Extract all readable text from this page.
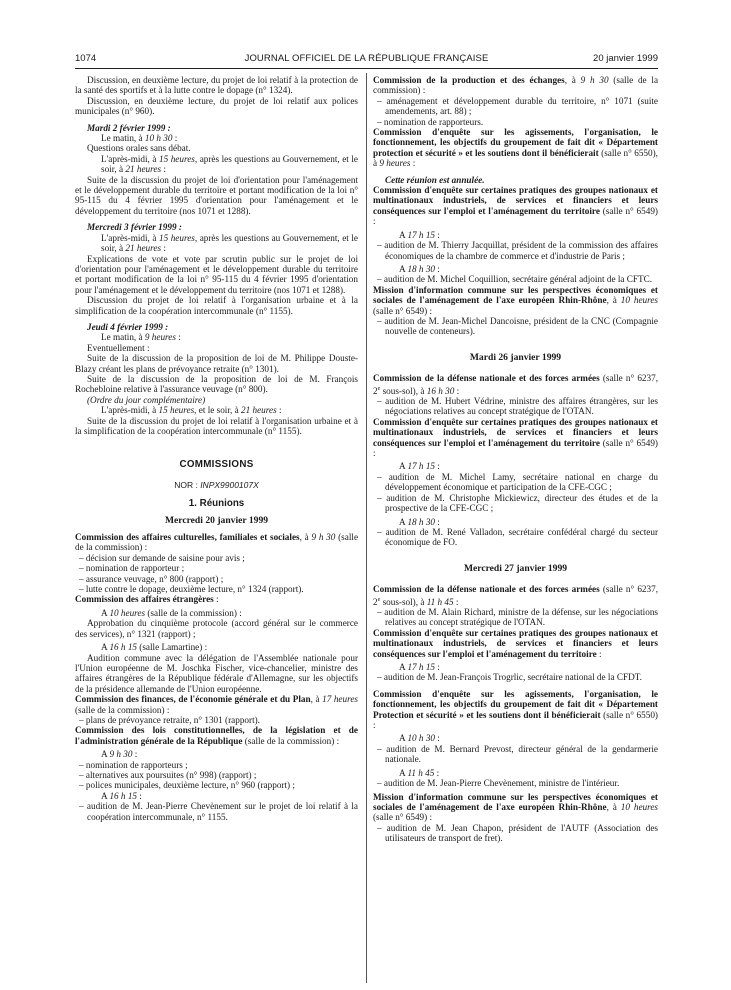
1074	JOURNAL OFFICIEL DE LA RÉPUBLIQUE FRANÇAISE	20 janvier 1999

Discussion, en deuxième lecture, du projet de loi relatif à la protection de la santé des sportifs et à la lutte contre le dopage (n° 1324).

Discussion, en deuxième lecture, du projet de loi relatif aux polices municipales (n° 960).

Mardi 2 février 1999 :

Le matin, à 10 h 30 :

Questions orales sans débat.

L'après-midi, à 15 heures, après les questions au Gouvernement, et le soir, à 21 heures :

Suite de la discussion du projet de loi d'orientation pour l'aménagement et le développement durable du territoire et portant modification de la loi n° 95-115 du 4 février 1995 d'orientation pour l'aménagement et le développement du territoire (nos 1071 et 1288).

Mercredi 3 février 1999 :

L'après-midi, à 15 heures, après les questions au Gouvernement, et le soir, à 21 heures :

Explications de vote et vote par scrutin public sur le projet de loi d'orientation pour l'aménagement et le développement durable du territoire et portant modification de la loi n° 95-115 du 4 février 1995 d'orientation pour l'aménagement et le développement du territoire (nos 1071 et 1288).

Discussion du projet de loi relatif à l'organisation urbaine et à la simplification de la coopération intercommunale (n° 1155).

Jeudi 4 février 1999 :

Le matin, à 9 heures :

Eventuellement :

Suite de la discussion de la proposition de loi de M. Philippe Douste-Blazy créant les plans de prévoyance retraite (n° 1301).

Suite de la discussion de la proposition de loi de M. François Rochebloine relative à l'assurance veuvage (n° 800).

(Ordre du jour complémentaire)

L'après-midi, à 15 heures, et le soir, à 21 heures :

Suite de la discussion du projet de loi relatif à l'organisation urbaine et à la simplification de la coopération intercommunale (n° 1155).

COMMISSIONS
NOR : INPX9900107X
1. Réunions
Mercredi 20 janvier 1999

Commission des affaires culturelles, familiales et sociales, à 9 h 30 (salle de la commission) :

– décision sur demande de saisine pour avis ;

– nomination de rapporteur ;

– assurance veuvage, n° 800 (rapport) ;

– lutte contre le dopage, deuxième lecture, n° 1324 (rapport).

Commission des affaires étrangères :

A 10 heures (salle de la commission) :

Approbation du cinquième protocole (accord général sur le commerce des services), n° 1321 (rapport) ;

A 16 h 15 (salle Lamartine) :

Audition commune avec la délégation de l'Assemblée nationale pour l'Union européenne de M. Joschka Fischer, vice-chancelier, ministre des affaires étrangères de la République fédérale d'Allemagne, sur les objectifs de la présidence allemande de l'Union européenne.

Commission des finances, de l'économie générale et du Plan, à 17 heures (salle de la commission) :

– plans de prévoyance retraite, n° 1301 (rapport).

Commission des lois constitutionnelles, de la législation et de l'administration générale de la République (salle de la commission) :

A 9 h 30 :

– nomination de rapporteurs ;

– alternatives aux poursuites (n° 998) (rapport) ;

– polices municipales, deuxième lecture, n° 960 (rapport) ;

A 16 h 15 :

– audition de M. Jean-Pierre Chevènement sur le projet de loi relatif à la coopération intercommunale, n° 1155.

Commission de la production et des échanges, à 9 h 30 (salle de la commission) :

– aménagement et développement durable du territoire, n° 1071 (suite amendements, art. 88) ;

– nomination de rapporteurs.

Commission d'enquête sur les agissements, l'organisation, le fonctionnement, les objectifs du groupement de fait dit « Département protection et sécurité » et les soutiens dont il bénéficierait (salle n° 6550), à 9 heures :

Cette réunion est annulée.

Commission d'enquête sur certaines pratiques des groupes nationaux et multinationaux industriels, de services et financiers et leurs conséquences sur l'emploi et l'aménagement du territoire (salle n° 6549) :

A 17 h 15 :

– audition de M. Thierry Jacquillat, président de la commission des affaires économiques de la chambre de commerce et d'industrie de Paris ;

A 18 h 30 :

– audition de M. Michel Coquillion, secrétaire général adjoint de la CFTC.

Mission d'information commune sur les perspectives économiques et sociales de l'aménagement de l'axe européen Rhin-Rhône, à 10 heures (salle n° 6549) :

– audition de M. Jean-Michel Dancoisne, président de la CNC (Compagnie nouvelle de conteneurs).

Mardi 26 janvier 1999

Commission de la défense nationale et des forces armées (salle n° 6237, 2e sous-sol), à 16 h 30 :

– audition de M. Hubert Védrine, ministre des affaires étrangères, sur les négociations relatives au concept stratégique de l'OTAN.

Commission d'enquête sur certaines pratiques des groupes nationaux et multinationaux industriels, de services et financiers et leurs conséquences sur l'emploi et l'aménagement du territoire (salle n° 6549) :

A 17 h 15 :

– audition de M. Michel Lamy, secrétaire national en charge du développement économique et participation de la CFE-CGC ;

– audition de M. Christophe Mickiewicz, directeur des études et de la prospective de la CFE-CGC ;

A 18 h 30 :

– audition de M. René Valladon, secrétaire confédéral chargé du secteur économique de FO.

Mercredi 27 janvier 1999

Commission de la défense nationale et des forces armées (salle n° 6237, 2e sous-sol), à 11 h 45 :

– audition de M. Alain Richard, ministre de la défense, sur les négociations relatives au concept stratégique de l'OTAN.

Commission d'enquête sur certaines pratiques des groupes nationaux et multinationaux industriels, de services et financiers et leurs conséquences sur l'emploi et l'aménagement du territoire :

A 17 h 15 :

– audition de M. Jean-François Trogrlic, secrétaire national de la CFDT.

Commission d'enquête sur les agissements, l'organisation, le fonctionnement, les objectifs du groupement de fait dit « Département Protection et sécurité » et les soutiens dont il bénéficierait (salle n° 6550) :

A 10 h 30 :

– audition de M. Bernard Prevost, directeur général de la gendarmerie nationale.

A 11 h 45 :

– audition de M. Jean-Pierre Chevènement, ministre de l'intérieur.

Mission d'information commune sur les perspectives économiques et sociales de l'aménagement de l'axe européen Rhin-Rhône, à 10 heures (salle n° 6549) :

– audition de M. Jean Chapon, président de l'AUTF (Association des utilisateurs de transport de fret).
